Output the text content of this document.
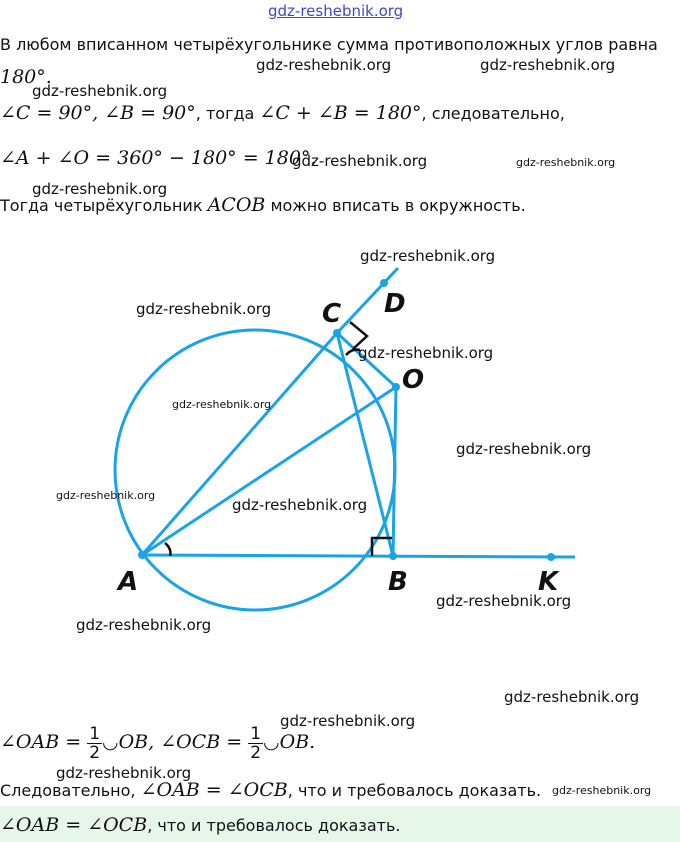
gdz-reshebnik.org
В любом вписанном четырёхугольнике сумма противоположных углов равна
180°.
∠C = 90°, ∠B = 90°, тогда ∠C + ∠B = 180°, следовательно,
∠A + ∠O = 360° − 180° = 180°.
Тогда четырёхугольник ACOB можно вписать в окружность.
A	B
C D
O
K
∠OAB = $\frac{1}{2}$ ◡OB, ∠OCB = $\frac{1}{2}$ ◡OB.
Следовательно, ∠OAB = ∠OCB, что и требовалось доказать.
∠OAB = ∠OCB, что и требовалось доказать.
gdz-reshebnik.org	gdz-reshebnik.org
gdz-reshebnik.org
gdz-reshebnik.org	gdz-reshebnik.org
gdz-reshebnik.org
gdz-reshebnik.org
gdz-reshebnik.org
gdz-reshebnik.org
gdz-reshebnik.org
gdz-reshebnik.org
gdz-reshebnik.org
gdz-reshebnik.org
gdz-reshebnik.org
gdz-reshebnik.org
gdz-reshebnik.org
gdz-reshebnik.org
gdz-reshebnik.org
gdz-reshebnik.org
